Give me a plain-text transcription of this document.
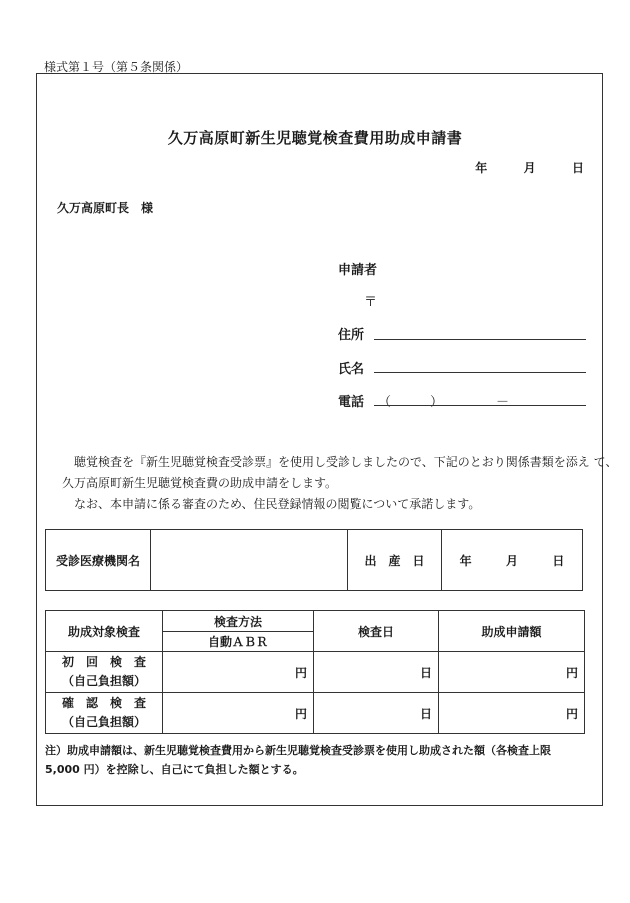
様式第１号（第５条関係）
久万高原町新生児聴覚検査費用助成申請書
年	月	日
久万高原町長　様
申請者
〒
住所
氏名
電話 （	）	－

聴覚検査を『新生児聴覚検査受診票』を使用し受診しましたので、下記のとおり関係書類を添え て、久万高原町新生児聴覚検査費の助成申請をします。

なお、本申請に係る審査のため、住民登録情報の閲覧について承諾します。

受診医療機関名		出　産　日	年	月	日
助成対象検査	検査方法	検査日	助成申請額
	自動ＡＢＲ		

初　回　検　査
（自己負担額）	円	日	円

確　認　検　査
（自己負担額）	円	日	円
注）助成申請額は、新生児聴覚検査費用から新生児聴覚検査受診票を使用し助成された額（各検査上限
5,000 円）を控除し、自己にて負担した額とする。
